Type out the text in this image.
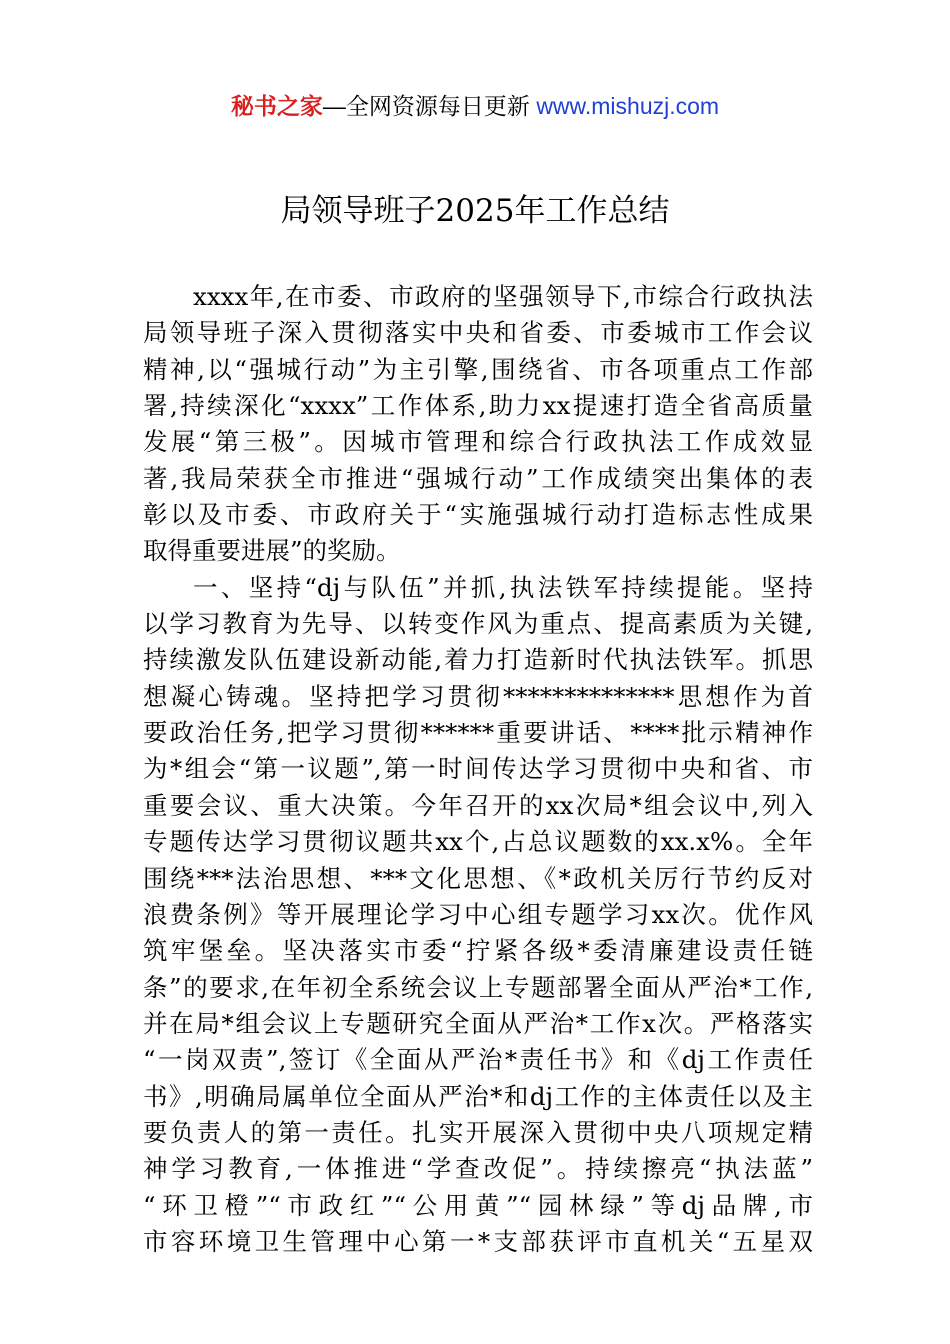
秘书之家—全网资源每日更新 www.mishuzj.com
局领导班子2025年工作总结
xxxx年,在市委、市政府的坚强领导下,市综合行政执法
局领导班子深入贯彻落实中央和省委、市委城市工作会议
精神,以“强城行动”为主引擎,围绕省、市各项重点工作部
署,持续深化“xxxx”工作体系,助力xx提速打造全省高质量
发展“第三极”。因城市管理和综合行政执法工作成效显
著,我局荣获全市推进“强城行动”工作成绩突出集体的表
彰以及市委、市政府关于“实施强城行动打造标志性成果
取得重要进展”的奖励。
一、坚持“dj与队伍”并抓,执法铁军持续提能。坚持
以学习教育为先导、以转变作风为重点、提高素质为关键,
持续激发队伍建设新动能,着力打造新时代执法铁军。抓思
想凝心铸魂。坚持把学习贯彻**************思想作为首
要政治任务,把学习贯彻******重要讲话、****批示精神作
为*组会“第一议题”,第一时间传达学习贯彻中央和省、市
重要会议、重大决策。今年召开的xx次局*组会议中,列入
专题传达学习贯彻议题共xx个,占总议题数的xx.x%。全年
围绕***法治思想、***文化思想、《*政机关厉行节约反对
浪费条例》等开展理论学习中心组专题学习xx次。优作风
筑牢堡垒。坚决落实市委“拧紧各级*委清廉建设责任链
条”的要求,在年初全系统会议上专题部署全面从严治*工作,
并在局*组会议上专题研究全面从严治*工作x次。严格落实
“一岗双责”,签订《全面从严治*责任书》和《dj工作责任
书》,明确局属单位全面从严治*和dj工作的主体责任以及主
要负责人的第一责任。扎实开展深入贯彻中央八项规定精
神学习教育,一体推进“学查改促”。持续擦亮“执法蓝”
“环卫橙”“市政红”“公用黄”“园林绿”等dj品牌,市
市容环境卫生管理中心第一*支部获评市直机关“五星双
